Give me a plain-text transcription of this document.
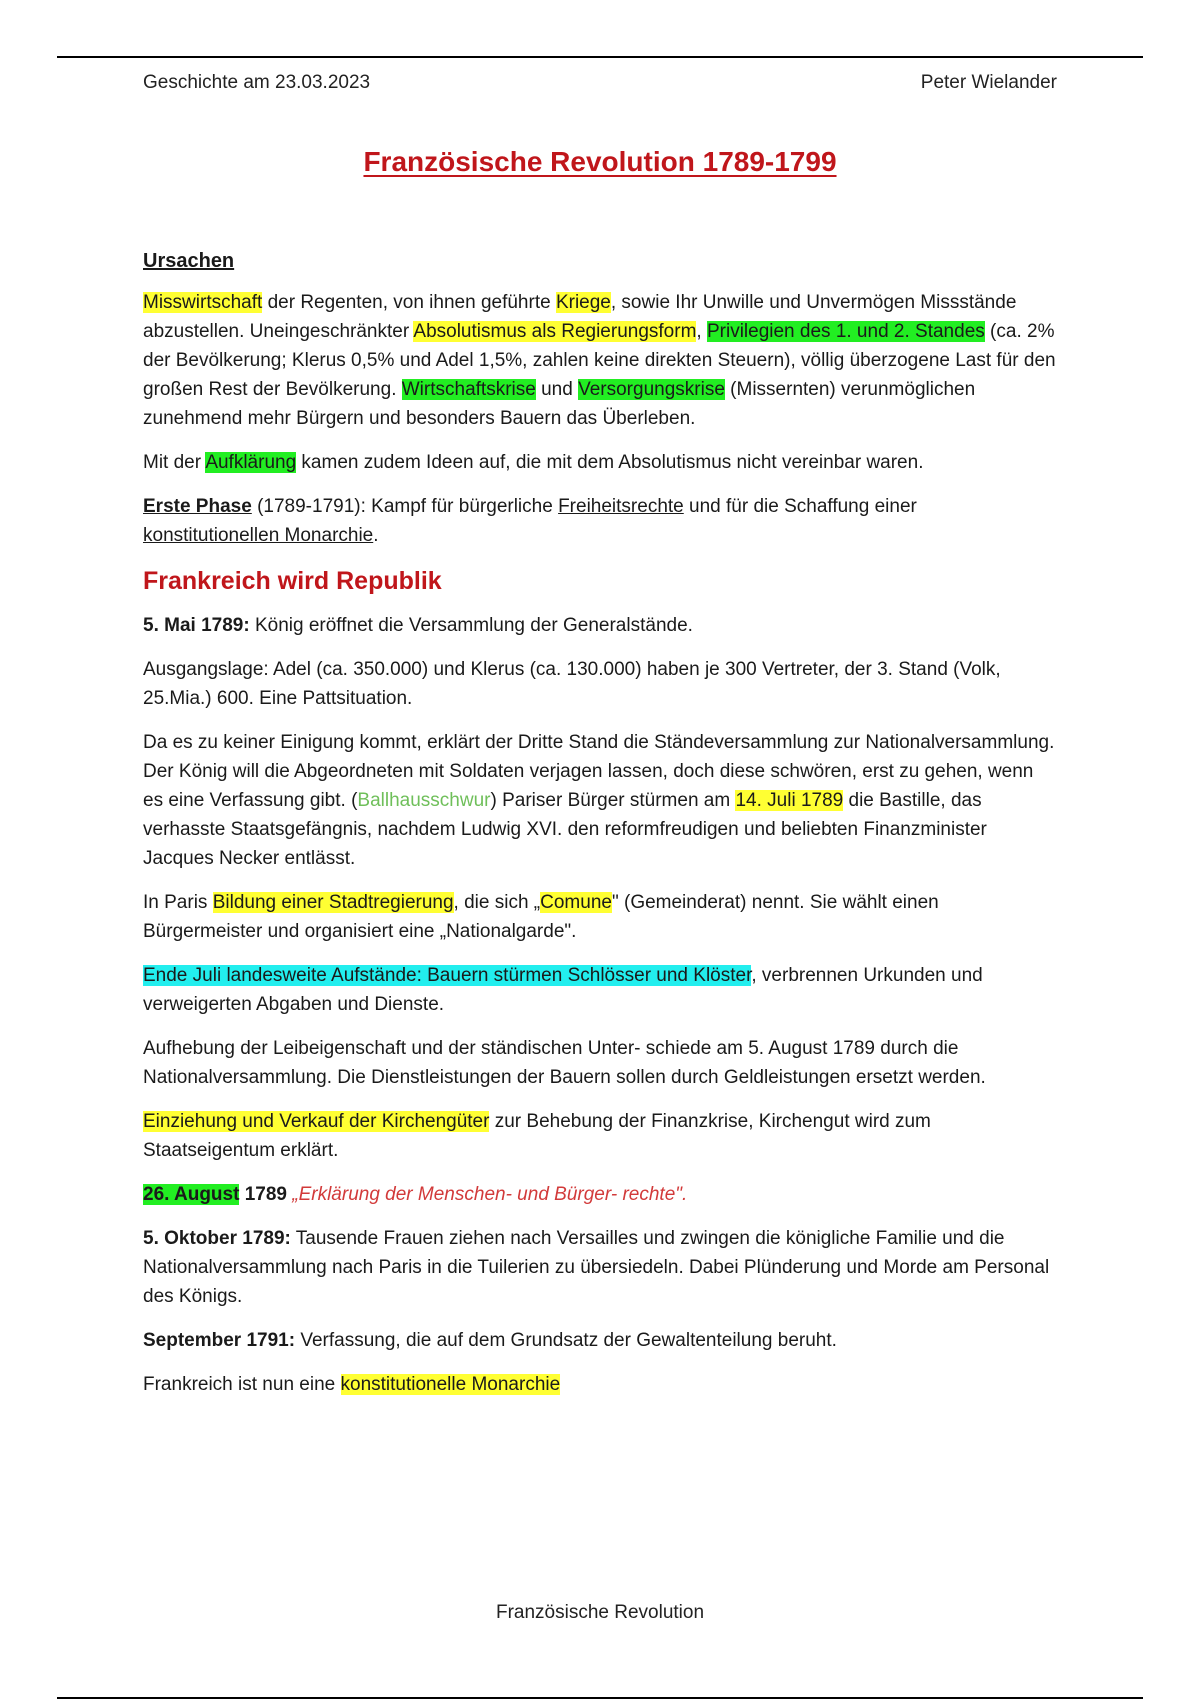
Geschichte am 23.03.2023	Peter Wielander
Französische Revolution 1789-1799
Ursachen

Misswirtschaft der Regenten, von ihnen geführte Kriege, sowie Ihr Unwille und Unvermögen Missstände abzustellen. Uneingeschränkter Absolutismus als Regierungsform, Privilegien des 1. und 2. Standes (ca. 2% der Bevölkerung; Klerus 0,5% und Adel 1,5%, zahlen keine direkten Steuern), völlig überzogene Last für den großen Rest der Bevölkerung. Wirtschaftskrise und Versorgungskrise (Missernten) verunmöglichen zunehmend mehr Bürgern und besonders Bauern das Überleben.

Mit der Aufklärung kamen zudem Ideen auf, die mit dem Absolutismus nicht vereinbar waren.

Erste Phase (1789-1791): Kampf für bürgerliche Freiheitsrechte und für die Schaffung einer konstitutionellen Monarchie.

Frankreich wird Republik

5. Mai 1789: König eröffnet die Versammlung der Generalstände.

Ausgangslage: Adel (ca. 350.000) und Klerus (ca. 130.000) haben je 300 Vertreter, der 3. Stand (Volk, 25.Mia.) 600. Eine Pattsituation.

Da es zu keiner Einigung kommt, erklärt der Dritte Stand die Ständeversammlung zur Nationalversammlung. Der König will die Abgeordneten mit Soldaten verjagen lassen, doch diese schwören, erst zu gehen, wenn es eine Verfassung gibt. (Ballhausschwur) Pariser Bürger stürmen am 14. Juli 1789 die Bastille, das verhasste Staatsgefängnis, nachdem Ludwig XVI. den reformfreudigen und beliebten Finanzminister Jacques Necker entlässt.

In Paris Bildung einer Stadtregierung, die sich „Comune" (Gemeinderat) nennt. Sie wählt einen Bürgermeister und organisiert eine „Nationalgarde".

Ende Juli landesweite Aufstände: Bauern stürmen Schlösser und Klöster, verbrennen Urkunden und verweigerten Abgaben und Dienste.

Aufhebung der Leibeigenschaft und der ständischen Unter- schiede am 5. August 1789 durch die Nationalversammlung. Die Dienstleistungen der Bauern sollen durch Geldleistungen ersetzt werden.

Einziehung und Verkauf der Kirchengüter zur Behebung der Finanzkrise, Kirchengut wird zum Staatseigentum erklärt.

26. August 1789 „Erklärung der Menschen- und Bürger- rechte".

5. Oktober 1789: Tausende Frauen ziehen nach Versailles und zwingen die königliche Familie und die Nationalversammlung nach Paris in die Tuilerien zu übersiedeln. Dabei Plünderung und Morde am Personal des Königs.

September 1791: Verfassung, die auf dem Grundsatz der Gewaltenteilung beruht.

Frankreich ist nun eine konstitutionelle Monarchie

Französische Revolution
